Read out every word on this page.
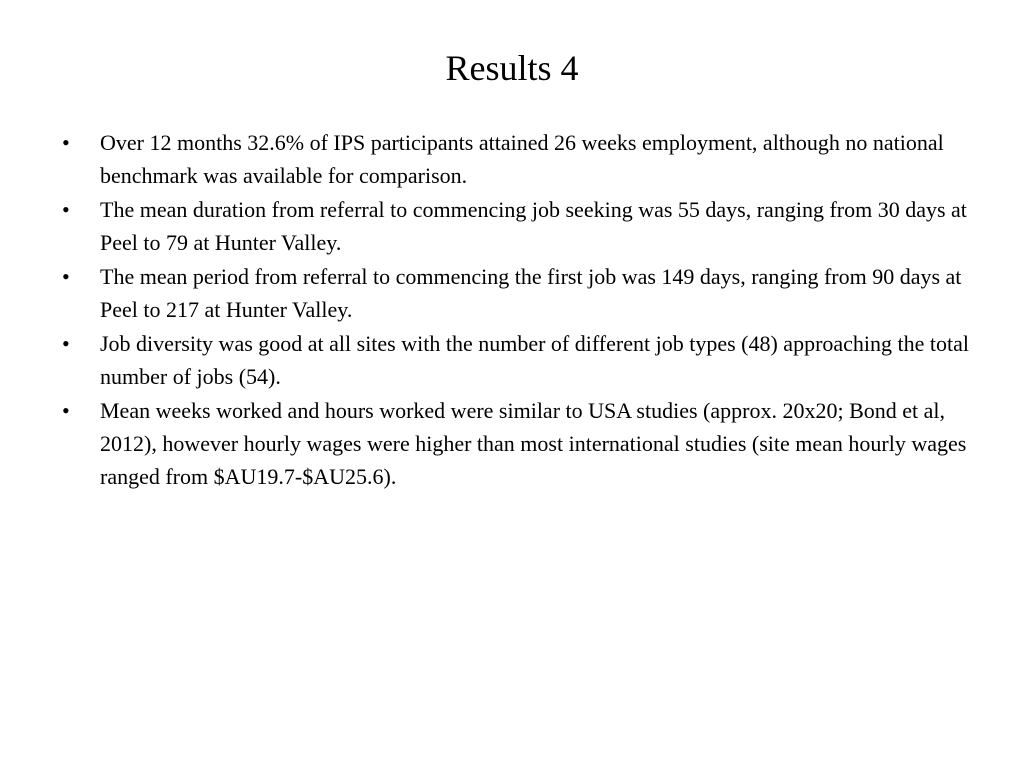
Results 4
•	Over 12 months 32.6% of IPS participants attained 26 weeks employment, although no national benchmark was available for comparison.
•	The mean duration from referral to commencing job seeking was 55 days, ranging from 30 days at Peel to 79 at Hunter Valley.
•	The mean period from referral to commencing the first job was 149 days, ranging from 90 days at Peel to 217 at Hunter Valley.
•	Job diversity was good at all sites with the number of different job types (48) approaching the total number of jobs (54).
•	Mean weeks worked and hours worked were similar to USA studies (approx. 20x20; Bond et al, 2012), however hourly wages were higher than most international studies (site mean hourly wages ranged from $AU19.7-$AU25.6).
